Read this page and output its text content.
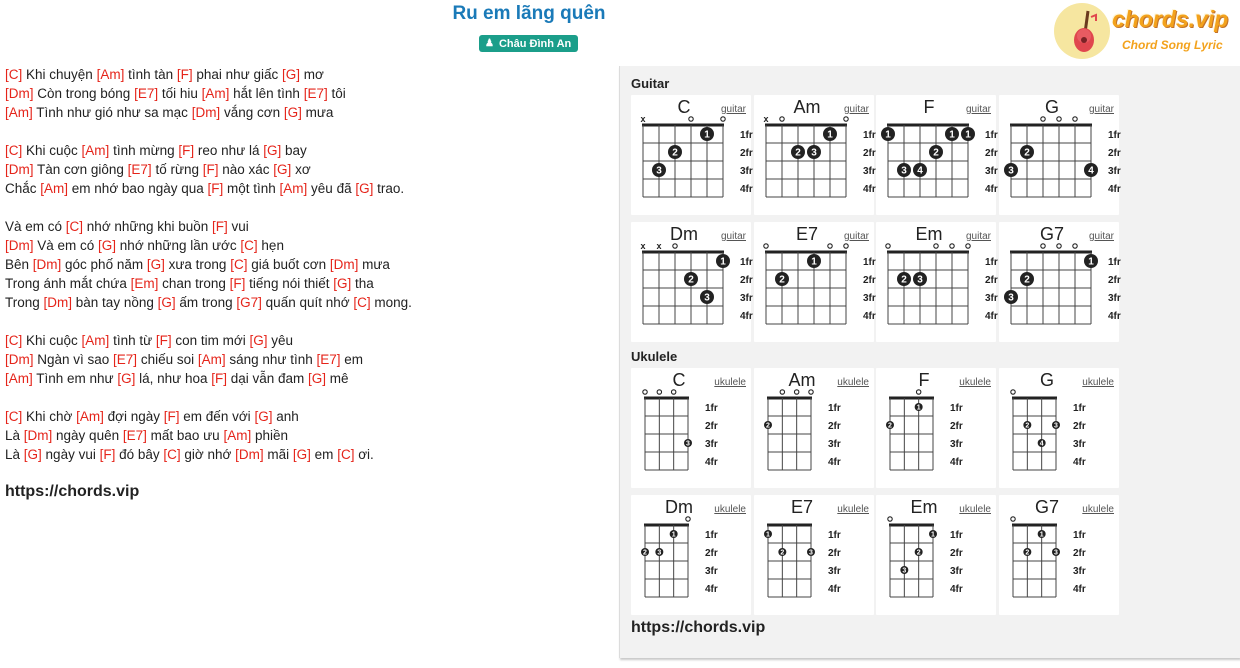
Ru em lãng quên
♟ Châu Đình An
chords.vip
Chord Song Lyric
[C] Khi chuyện [Am] tình tàn [F] phai như giấc [G] mơ
[Dm] Còn trong bóng [E7] tối hiu [Am] hắt lên tình [E7] tôi
[Am] Tình như gió như sa mạc [Dm] vắng cơn [G] mưa
[C] Khi cuộc [Am] tình mừng [F] reo như lá [G] bay
[Dm] Tàn cơn giông [E7] tố rừng [F] nào xác [G] xơ
Chắc [Am] em nhớ bao ngày qua [F] một tình [Am] yêu đã [G] trao.
Và em có [C] nhớ những khi buồn [F] vui
[Dm] Và em có [G] nhớ những lần ước [C] hẹn
Bên [Dm] góc phố năm [G] xưa trong [C] giá buốt cơn [Dm] mưa
Trong ánh mắt chứa [Em] chan trong [F] tiếng nói thiết [G] tha
Trong [Dm] bàn tay nồng [G] ấm trong [G7] quấn quít nhớ [C] mong.
[C] Khi cuộc [Am] tình từ [F] con tim mới [G] yêu
[Dm] Ngàn vì sao [E7] chiếu soi [Am] sáng như tình [E7] em
[Am] Tình em như [G] lá, như hoa [F] dại vẫn đam [G] mê
[C] Khi chờ [Am] đợi ngày [F] em đến với [G] anh
Là [Dm] ngày quên [E7] mất bao ưu [Am] phiền
Là [G] ngày vui [F] đó bây [C] giờ nhớ [Dm] mãi [G] em [C] ơi.
https://chords.vip
Guitar
C	guitar
x
1fr
2fr
3fr
4fr
1
2
3
Am guitar
x
1fr
2fr
3fr
4fr
1
2 3
F	guitar
1fr
2fr
3fr
4fr
1	1 1
2
3 4
G	guitar
1fr
2fr
3fr
4fr
2
3	4
Dm guitar
x x
1fr
2fr
3fr
4fr
1
2
3
E7	guitar
1fr
2fr
3fr
4fr
1
2
Em guitar
1fr
2fr
3fr
4fr
2 3
G7 guitar
1fr
2fr
3fr
4fr
1
2
3
Ukulele
C	ukulele
1fr
2fr
3fr
4fr
3
Am ukulele
1fr
2fr
3fr
4fr
2
F	ukulele
1fr
2fr
3fr
4fr
1
2
G	ukulele
1fr
2fr
3fr
4fr
2	3
4
Dm ukulele
1fr
2fr
3fr
4fr
1
2 3
E7 ukulele
1fr
2fr
3fr
4fr
1
2	3
Em ukulele
1fr
2fr
3fr
4fr
1
2
3
G7 ukulele
1fr
2fr
3fr
4fr
1
2	3
https://chords.vip
